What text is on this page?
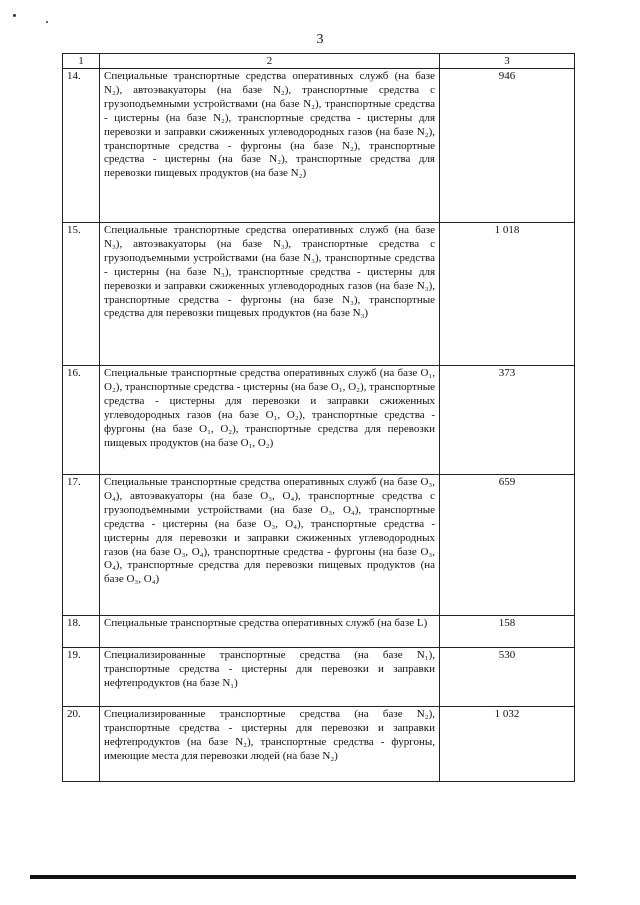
3
1	2	3
14.	Специальные транспортные средства оперативных служб (на базе N₂), автоэвакуаторы (на базе N₂), транспортные средства с грузоподъемными устройствами (на базе N₂), транспортные средства - цистерны (на базе N₂), транспортные средства - цистерны для перевозки и заправки сжиженных углеводородных газов (на базе N₂), транспортные средства - фургоны (на базе N₂), транспортные средства - цистерны (на базе N₂), транспортные средства для перевозки пищевых продуктов (на базе N₂)	946
15.	Специальные транспортные средства оперативных служб (на базе N₃), автоэвакуаторы (на базе N₃), транспортные средства с грузоподъемными устройствами (на базе N₃), транспортные средства - цистерны (на базе N₃), транспортные средства - цистерны для перевозки и заправки сжиженных углеводородных газов (на базе N₃), транспортные средства - фургоны (на базе N₃), транспортные средства для перевозки пищевых продуктов (на базе N₃)	1 018
16.	Специальные транспортные средства оперативных служб (на базе O₁, O₂), транспортные средства - цистерны (на базе O₁, O₂), транспортные средства - цистерны для перевозки и заправки сжиженных углеводородных газов (на базе O₁, O₂), транспортные средства - фургоны (на базе O₁, O₂), транспортные средства для перевозки пищевых продуктов (на базе O₁, O₂)	373
17.	Специальные транспортные средства оперативных служб (на базе O₃, O₄), автоэвакуаторы (на базе O₃, O₄), транспортные средства с грузоподъемными устройствами (на базе O₃, O₄), транспортные средства - цистерны (на базе O₃, O₄), транспортные средства - цистерны для перевозки и заправки сжиженных углеводородных газов (на базе O₃, O₄), транспортные средства - фургоны (на базе O₃, O₄), транспортные средства для перевозки пищевых продуктов (на базе O₃, O₄)	659
18.	Специальные транспортные средства оперативных служб (на базе L)	158
19.	Специализированные транспортные средства (на базе N₁), транспортные средства - цистерны для перевозки и заправки нефтепродуктов (на базе N₁)	530
20.	Специализированные транспортные средства (на базе N₂), транспортные средства - цистерны для перевозки и заправки нефтепродуктов (на базе N₂), транспортные средства - фургоны, имеющие места для перевозки людей (на базе N₂)	1 032
